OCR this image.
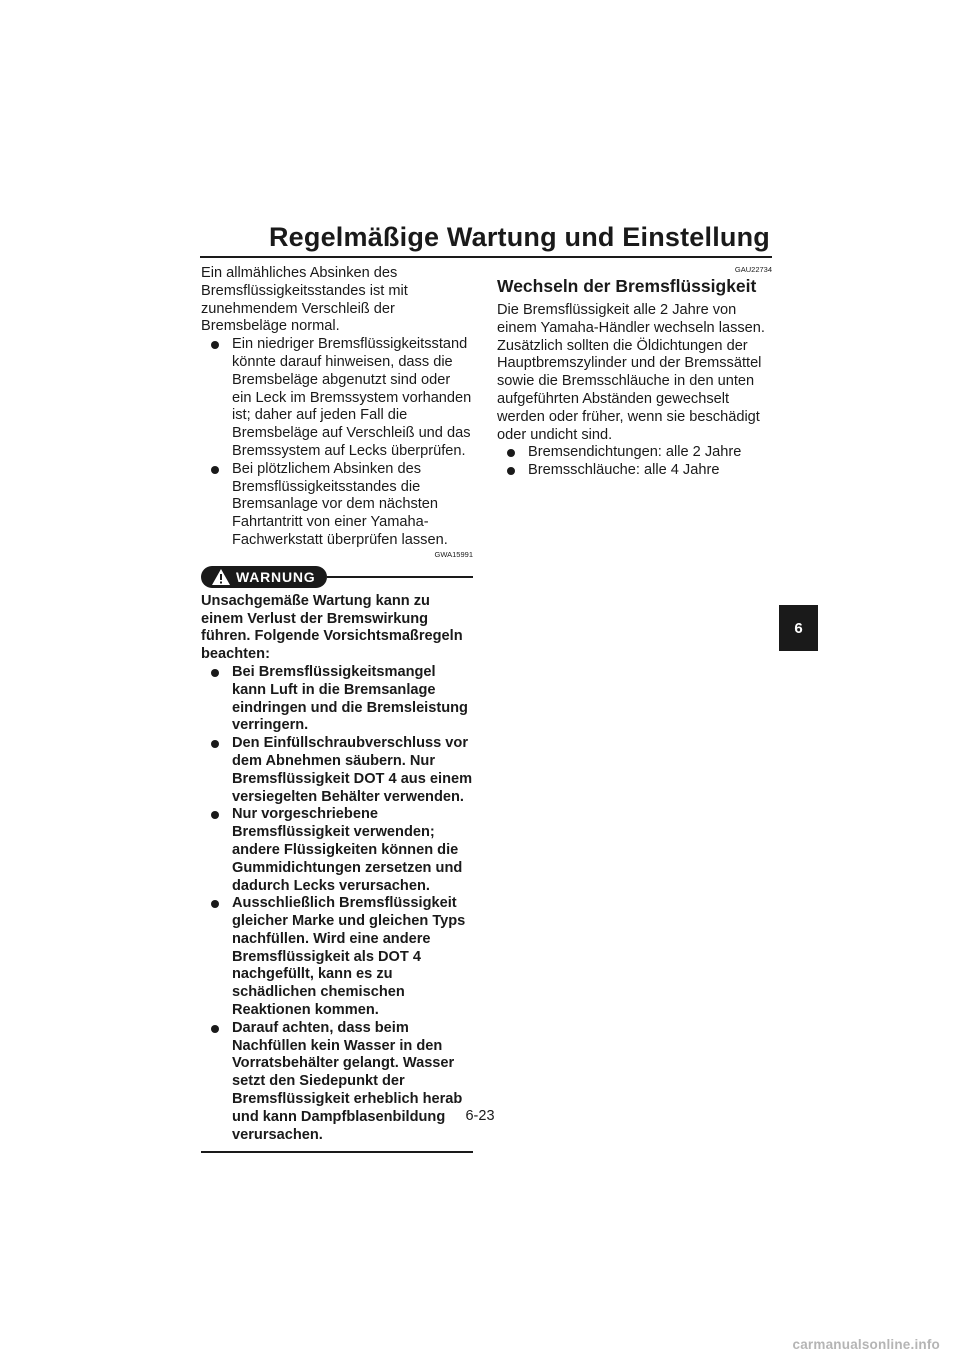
Regelmäßige Wartung und Einstellung

Ein allmähliches Absinken des Bremsflüssigkeitsstandes ist mit zunehmendem Verschleiß der Bremsbeläge normal.

Ein niedriger Bremsflüssigkeitsstand könnte darauf hinweisen, dass die Bremsbeläge abgenutzt sind oder ein Leck im Bremssystem vorhanden ist; daher auf jeden Fall die Bremsbeläge auf Verschleiß und das Bremssystem auf Lecks überprüfen.
Bei plötzlichem Absinken des Bremsflüssigkeitsstandes die Bremsanlage vor dem nächsten Fahrtantritt von einer Yamaha-Fachwerkstatt überprüfen lassen.
GWA15991
WARNUNG

Unsachgemäße Wartung kann zu einem Verlust der Bremswirkung führen. Folgende Vorsichtsmaßregeln beachten:

Bei Bremsflüssigkeitsmangel kann Luft in die Bremsanlage eindringen und die Bremsleistung verringern.
Den Einfüllschraubverschluss vor dem Abnehmen säubern. Nur Bremsflüssigkeit DOT 4 aus einem versiegelten Behälter verwenden.
Nur vorgeschriebene Bremsflüssigkeit verwenden; andere Flüssigkeiten können die Gummidichtungen zersetzen und dadurch Lecks verursachen.
Ausschließlich Bremsflüssigkeit gleicher Marke und gleichen Typs nachfüllen. Wird eine andere Bremsflüssigkeit als DOT 4 nachgefüllt, kann es zu schädlichen chemischen Reaktionen kommen.
Darauf achten, dass beim Nachfüllen kein Wasser in den Vorratsbehälter gelangt. Wasser setzt den Siedepunkt der Bremsflüssigkeit erheblich herab und kann Dampfblasenbildung verursachen.
GAU22734
Wechseln der Bremsflüssigkeit

Die Bremsflüssigkeit alle 2 Jahre von einem Yamaha-Händler wechseln lassen. Zusätzlich sollten die Öldichtungen der Hauptbremszylinder und der Bremssättel sowie die Bremsschläuche in den unten aufgeführten Abständen gewechselt werden oder früher, wenn sie beschädigt oder undicht sind.

Bremsendichtungen: alle 2 Jahre
Bremsschläuche: alle 4 Jahre
6
6-23
carmanualsonline.info
